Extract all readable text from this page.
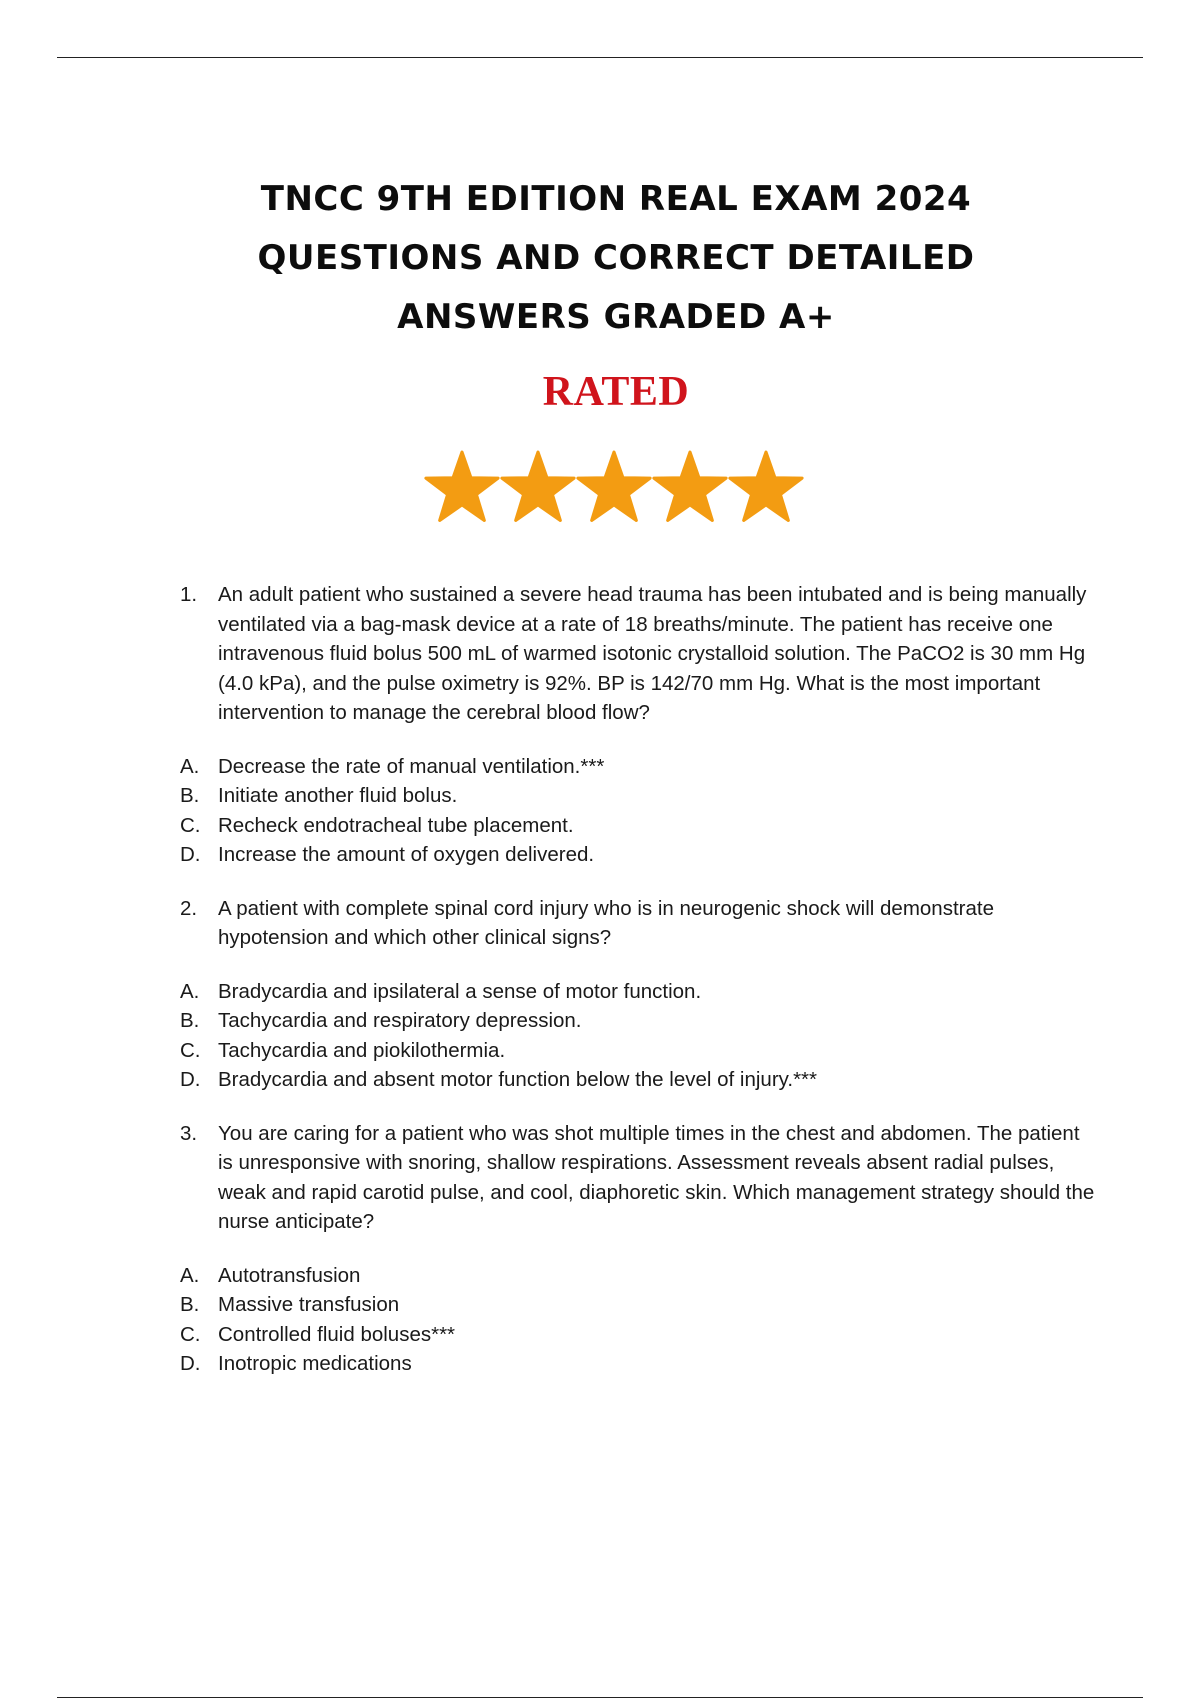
TNCC 9TH EDITION REAL EXAM 2024
QUESTIONS AND CORRECT DETAILED
ANSWERS GRADED A+
RATED
1.	An adult patient who sustained a severe head trauma has been intubated and is being manually ventilated via a bag-mask device at a rate of 18 breaths/minute. The patient has receive one intravenous fluid bolus 500 mL of warmed isotonic crystalloid solution. The PaCO2 is 30 mm Hg (4.0 kPa), and the pulse oximetry is 92%. BP is 142/70 mm Hg. What is the most important intervention to manage the cerebral blood flow?
A. Decrease the rate of manual ventilation.***
B. Initiate another fluid bolus.
C. Recheck endotracheal tube placement.
D. Increase the amount of oxygen delivered.
2.	A patient with complete spinal cord injury who is in neurogenic shock will demonstrate hypotension and which other clinical signs?
A. Bradycardia and ipsilateral a sense of motor function.
B. Tachycardia and respiratory depression.
C. Tachycardia and piokilothermia.
D. Bradycardia and absent motor function below the level of injury.***
3.	You are caring for a patient who was shot multiple times in the chest and abdomen. The patient is unresponsive with snoring, shallow respirations. Assessment reveals absent radial pulses, weak and rapid carotid pulse, and cool, diaphoretic skin. Which management strategy should the nurse anticipate?
A. Autotransfusion
B. Massive transfusion
C. Controlled fluid boluses***
D. Inotropic medications
